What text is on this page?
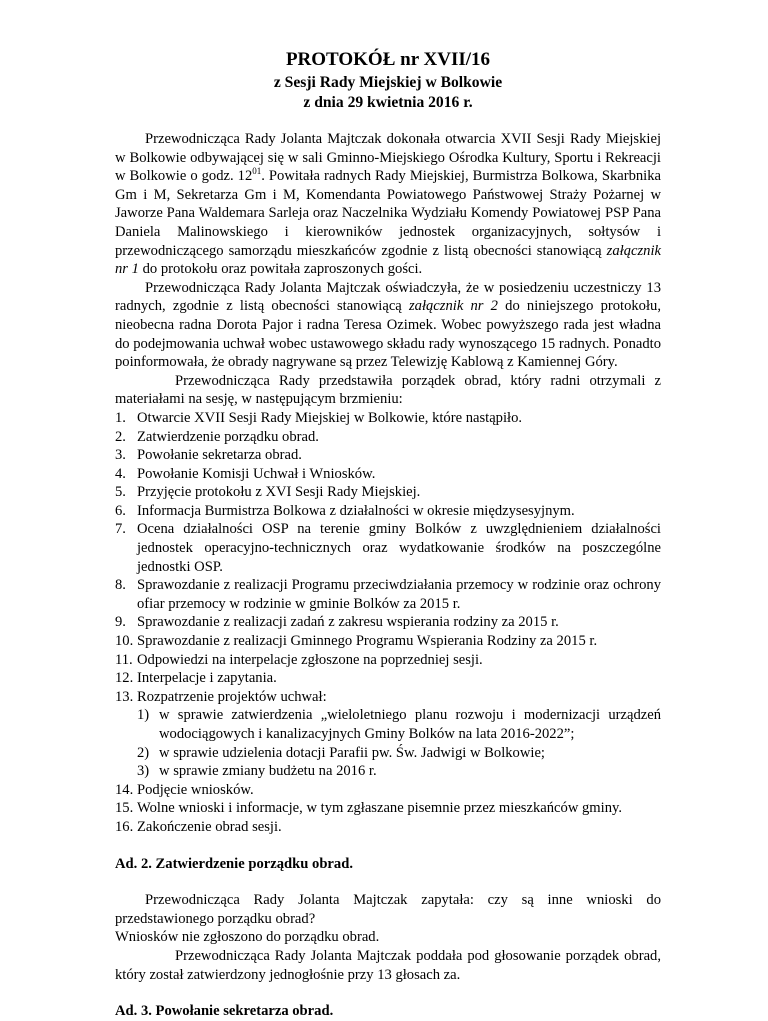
PROTOKÓŁ nr XVII/16
z Sesji Rady Miejskiej w Bolkowie
z dnia 29 kwietnia 2016 r.

Przewodnicząca Rady Jolanta Majtczak dokonała otwarcia XVII Sesji Rady Miejskiej w Bolkowie odbywającej się w sali Gminno-Miejskiego Ośrodka Kultury, Sportu i Rekreacji w Bolkowie o godz. $12^{01}$. Powitała radnych Rady Miejskiej, Burmistrza Bolkowa, Skarbnika Gm i M, Sekretarza Gm i M, Komendanta Powiatowego Państwowej Straży Pożarnej w Jaworze Pana Waldemara Sarleja oraz Naczelnika Wydziału Komendy Powiatowej PSP Pana Daniela Malinowskiego i kierowników jednostek organizacyjnych, sołtysów i przewodniczącego samorządu mieszkańców zgodnie z listą obecności stanowiącą załącznik nr 1 do protokołu oraz powitała zaproszonych gości.

Przewodnicząca Rady Jolanta Majtczak oświadczyła, że w posiedzeniu uczestniczy 13 radnych, zgodnie z listą obecności stanowiącą załącznik nr 2 do niniejszego protokołu, nieobecna radna Dorota Pajor i radna Teresa Ozimek. Wobec powyższego rada jest władna do podejmowania uchwał wobec ustawowego składu rady wynoszącego 15 radnych. Ponadto poinformowała, że obrady nagrywane są przez Telewizję Kablową z Kamiennej Góry.

Przewodnicząca Rady przedstawiła porządek obrad, który radni otrzymali z materiałami na sesję, w następującym brzmieniu:

1. Otwarcie XVII Sesji Rady Miejskiej w Bolkowie, które nastąpiło.
2. Zatwierdzenie porządku obrad.
3. Powołanie sekretarza obrad.
4. Powołanie Komisji Uchwał i Wniosków.
5. Przyjęcie protokołu z XVI Sesji Rady Miejskiej.
6. Informacja Burmistrza Bolkowa z działalności w okresie międzysesyjnym.
7. Ocena działalności OSP na terenie gminy Bolków z uwzględnieniem działalności jednostek operacyjno-technicznych oraz wydatkowanie środków na poszczególne jednostki OSP.
8. Sprawozdanie z realizacji Programu przeciwdziałania przemocy w rodzinie oraz ochrony ofiar przemocy w rodzinie w gminie Bolków za 2015 r.
9. Sprawozdanie z realizacji zadań z zakresu wspierania rodziny za 2015 r.
10. Sprawozdanie z realizacji Gminnego Programu Wspierania Rodziny za 2015 r.
11. Odpowiedzi na interpelacje zgłoszone na poprzedniej sesji.
12. Interpelacje i zapytania.
13. Rozpatrzenie projektów uchwał:
1) w sprawie zatwierdzenia „wieloletniego planu rozwoju i modernizacji urządzeń wodociągowych i kanalizacyjnych Gminy Bolków na lata 2016-2022”;
2) w sprawie udzielenia dotacji Parafii pw. Św. Jadwigi w Bolkowie;
3) w sprawie zmiany budżetu na 2016 r.
14. Podjęcie wniosków.
15. Wolne wnioski i informacje, w tym zgłaszane pisemnie przez mieszkańców gminy.
16. Zakończenie obrad sesji.
Ad. 2. Zatwierdzenie porządku obrad.

Przewodnicząca Rady Jolanta Majtczak zapytała: czy są inne wnioski do przedstawionego porządku obrad?

Wniosków nie zgłoszono do porządku obrad.

Przewodnicząca Rady Jolanta Majtczak poddała pod głosowanie porządek obrad, który został zatwierdzony jednogłośnie przy 13 głosach za.

Ad. 3. Powołanie sekretarza obrad.
